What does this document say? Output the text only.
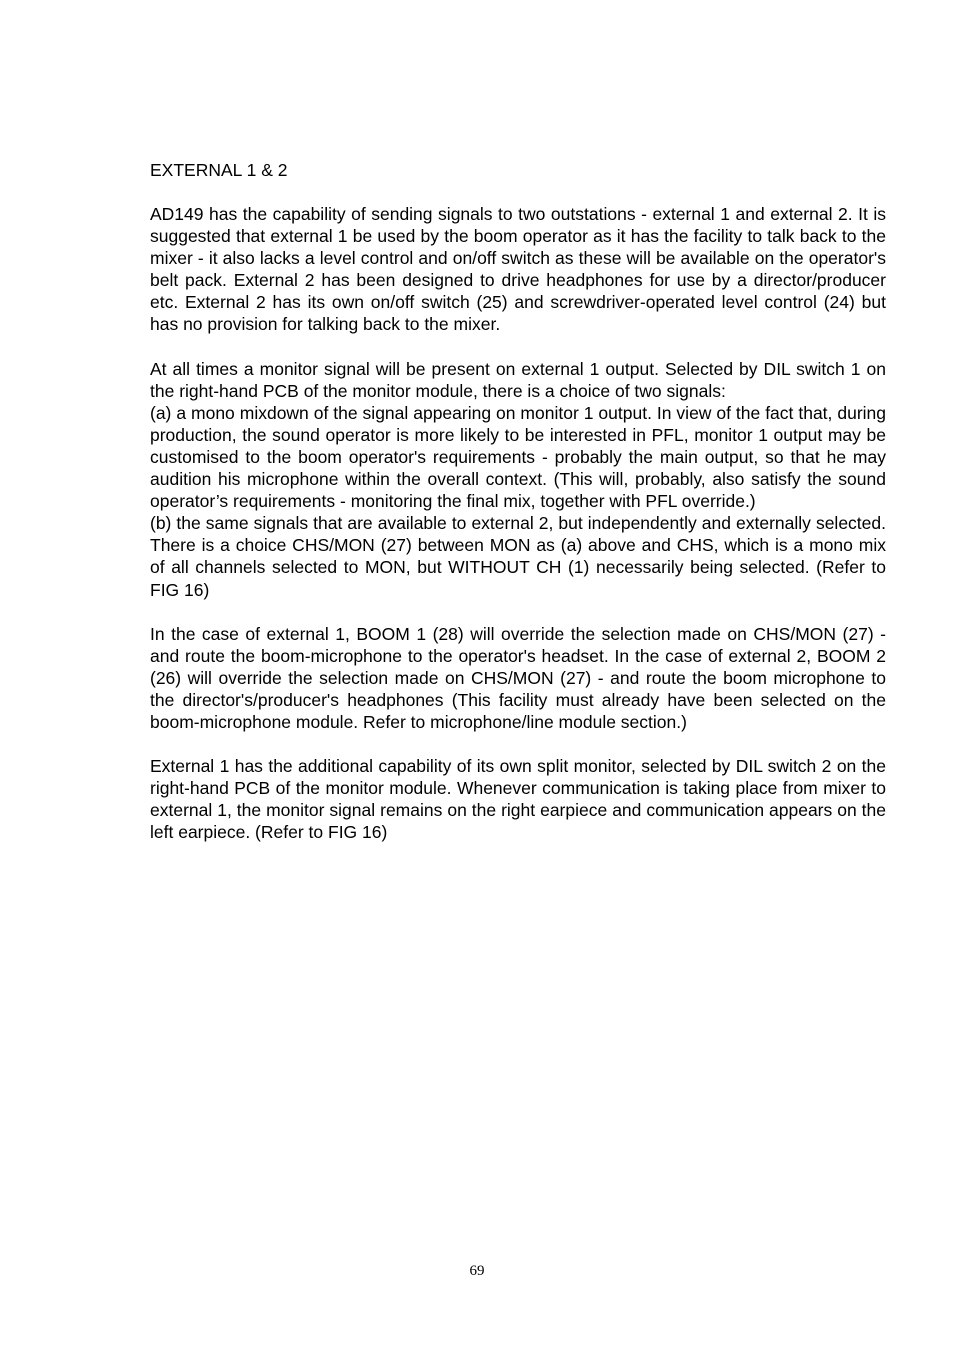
EXTERNAL 1 & 2

AD149 has the capability of sending signals to two outstations - external 1 and external 2. It is suggested that external 1 be used by the boom operator as it has the facility to talk back to the mixer - it also lacks a level control and on/off switch as these will be available on the operator's belt pack. External 2 has been designed to drive headphones for use by a director/producer etc. External 2 has its own on/off switch (25) and screwdriver-operated level control (24) but has no provision for talking back to the mixer.

At all times a monitor signal will be present on external 1 output. Selected by DIL switch 1 on the right-hand PCB of the monitor module, there is a choice of two signals:

(a) a mono mixdown of the signal appearing on monitor 1 output. In view of the fact that, during production, the sound operator is more likely to be interested in PFL, monitor 1 output may be customised to the boom operator's requirements - probably the main output, so that he may audition his microphone within the overall context. (This will, probably, also satisfy the sound operator’s requirements - monitoring the final mix, together with PFL override.)

(b) the same signals that are available to external 2, but independently and externally selected. There is a choice CHS/MON (27) between MON as (a) above and CHS, which is a mono mix of all channels selected to MON, but WITHOUT CH (1) necessarily being selected. (Refer to FIG 16)

In the case of external 1, BOOM 1 (28) will override the selection made on CHS/MON (27) - and route the boom-microphone to the operator's headset. In the case of external 2, BOOM 2 (26) will override the selection made on CHS/MON (27) - and route the boom microphone to the director's/producer's headphones (This facility must already have been selected on the boom-microphone module. Refer to microphone/line module section.)

External 1 has the additional capability of its own split monitor, selected by DIL switch 2 on the right-hand PCB of the monitor module. Whenever communication is taking place from mixer to external 1, the monitor signal remains on the right earpiece and communication appears on the left earpiece. (Refer to FIG 16)

69
